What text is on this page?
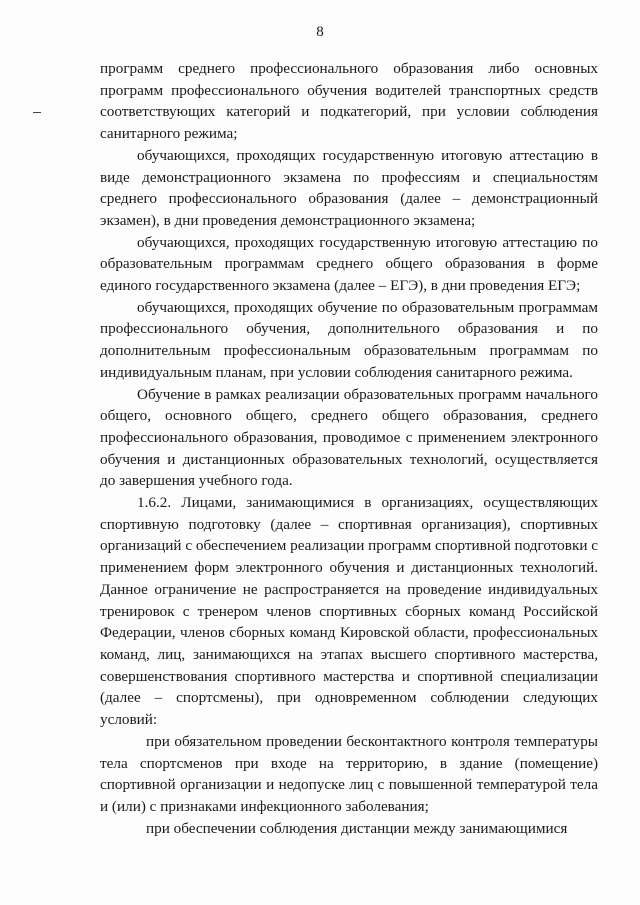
8

программ среднего профессионального образования либо основных программ профессионального обучения водителей транспортных средств соответствующих категорий и подкатегорий, при условии соблюдения санитарного режима;

обучающихся, проходящих государственную итоговую аттестацию в виде демонстрационного экзамена по профессиям и специальностям среднего профессионального образования (далее – демонстрационный экзамен), в дни проведения демонстрационного экзамена;

обучающихся, проходящих государственную итоговую аттестацию по образовательным программам среднего общего образования в форме единого государственного экзамена (далее – ЕГЭ), в дни проведения ЕГЭ;

обучающихся, проходящих обучение по образовательным программам профессионального обучения, дополнительного образования и по дополнительным профессиональным образовательным программам по индивидуальным планам, при условии соблюдения санитарного режима.

Обучение в рамках реализации образовательных программ начального общего, основного общего, среднего общего образования, среднего профессионального образования, проводимое с применением электронного обучения и дистанционных образовательных технологий, осуществляется до завершения учебного года.

1.6.2. Лицами, занимающимися в организациях, осуществляющих спортивную подготовку (далее – спортивная организация), спортивных организаций с обеспечением реализации программ спортивной подготовки с применением форм электронного обучения и дистанционных технологий. Данное ограничение не распространяется на проведение индивидуальных тренировок с тренером членов спортивных сборных команд Российской Федерации, членов сборных команд Кировской области, профессиональных команд, лиц, занимающихся на этапах высшего спортивного мастерства, совершенствования спортивного мастерства и спортивной специализации (далее – спортсмены), при одновременном соблюдении следующих условий:

при обязательном проведении бесконтактного контроля температуры тела спортсменов при входе на территорию, в здание (помещение) спортивной организации и недопуске лиц с повышенной температурой тела и (или) с признаками инфекционного заболевания;

при обеспечении соблюдения дистанции между занимающимися
